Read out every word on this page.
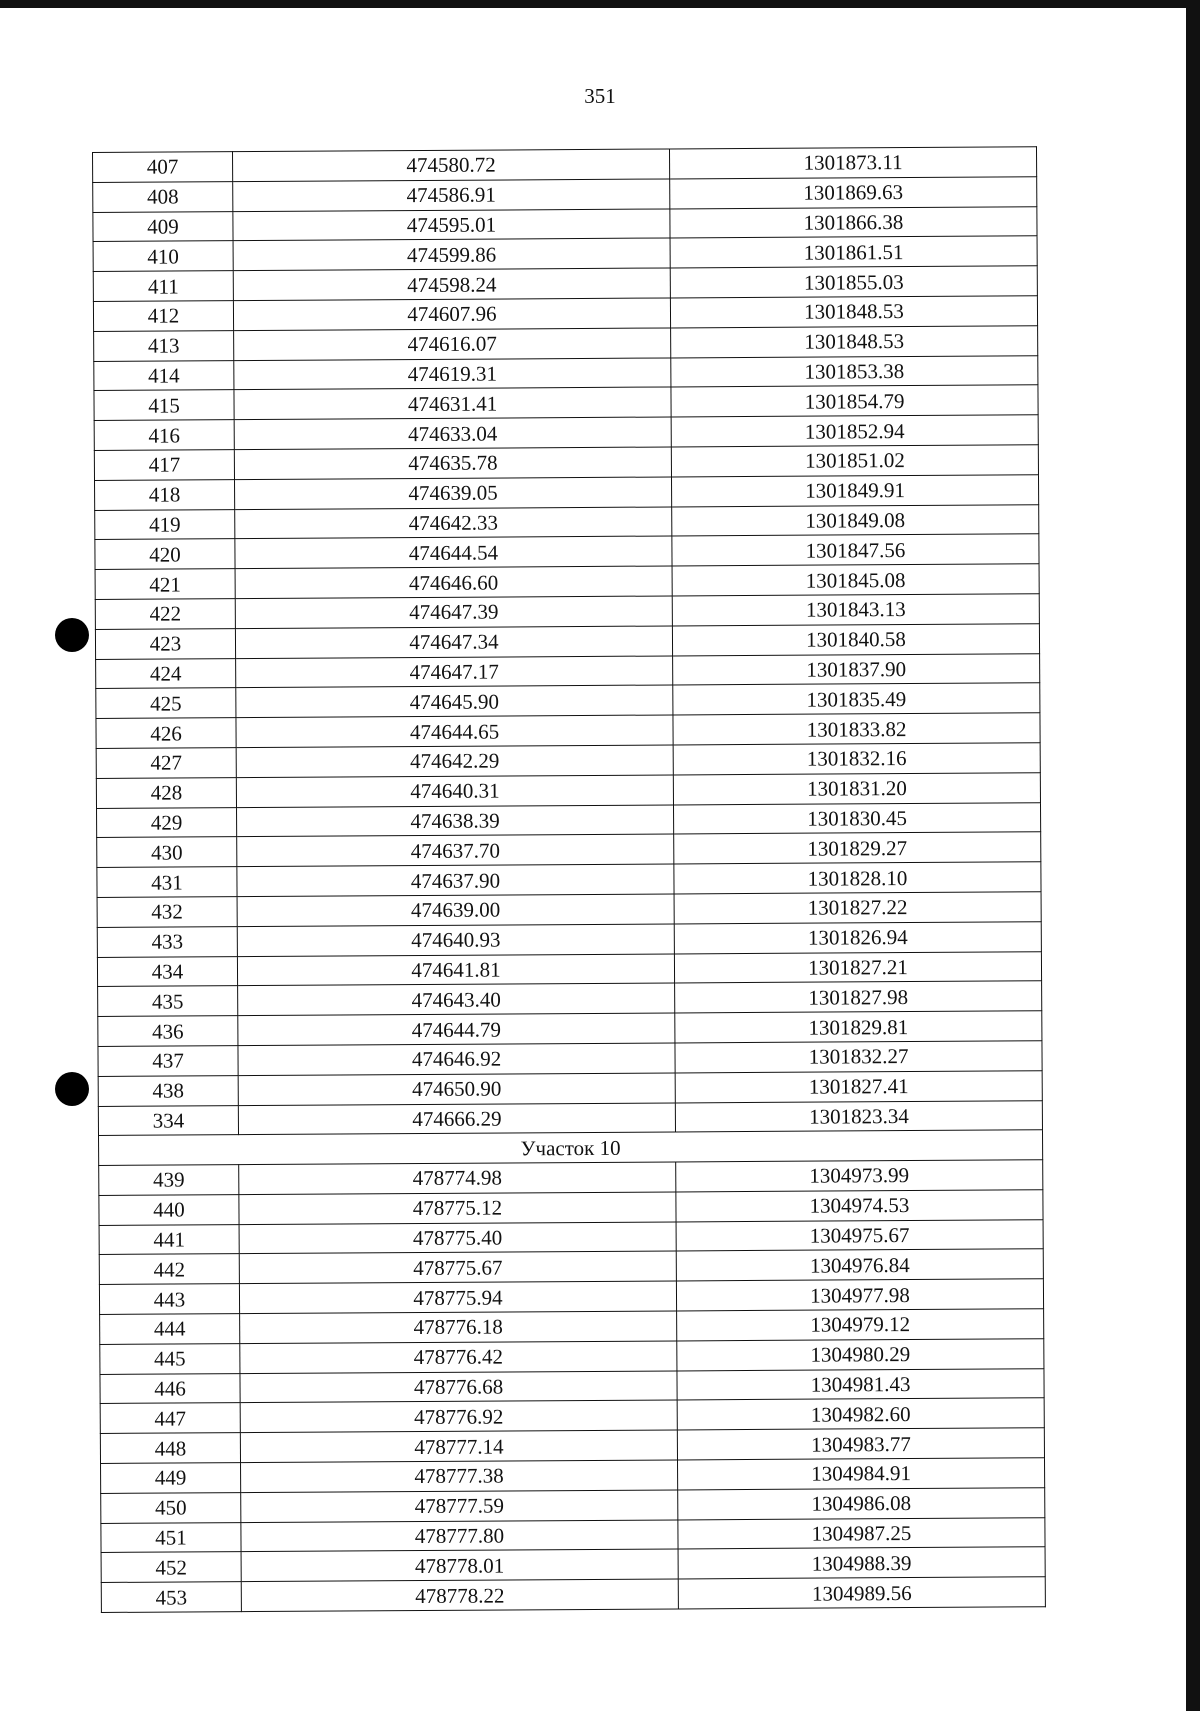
351
407	474580.72	1301873.11
408	474586.91	1301869.63
409	474595.01	1301866.38
410	474599.86	1301861.51
411	474598.24	1301855.03
412	474607.96	1301848.53
413	474616.07	1301848.53
414	474619.31	1301853.38
415	474631.41	1301854.79
416	474633.04	1301852.94
417	474635.78	1301851.02
418	474639.05	1301849.91
419	474642.33	1301849.08
420	474644.54	1301847.56
421	474646.60	1301845.08
422	474647.39	1301843.13
423	474647.34	1301840.58
424	474647.17	1301837.90
425	474645.90	1301835.49
426	474644.65	1301833.82
427	474642.29	1301832.16
428	474640.31	1301831.20
429	474638.39	1301830.45
430	474637.70	1301829.27
431	474637.90	1301828.10
432	474639.00	1301827.22
433	474640.93	1301826.94
434	474641.81	1301827.21
435	474643.40	1301827.98
436	474644.79	1301829.81
437	474646.92	1301832.27
438	474650.90	1301827.41
334	474666.29	1301823.34
Участок 10		
439	478774.98	1304973.99
440	478775.12	1304974.53
441	478775.40	1304975.67
442	478775.67	1304976.84
443	478775.94	1304977.98
444	478776.18	1304979.12
445	478776.42	1304980.29
446	478776.68	1304981.43
447	478776.92	1304982.60
448	478777.14	1304983.77
449	478777.38	1304984.91
450	478777.59	1304986.08
451	478777.80	1304987.25
452	478778.01	1304988.39
453	478778.22	1304989.56
